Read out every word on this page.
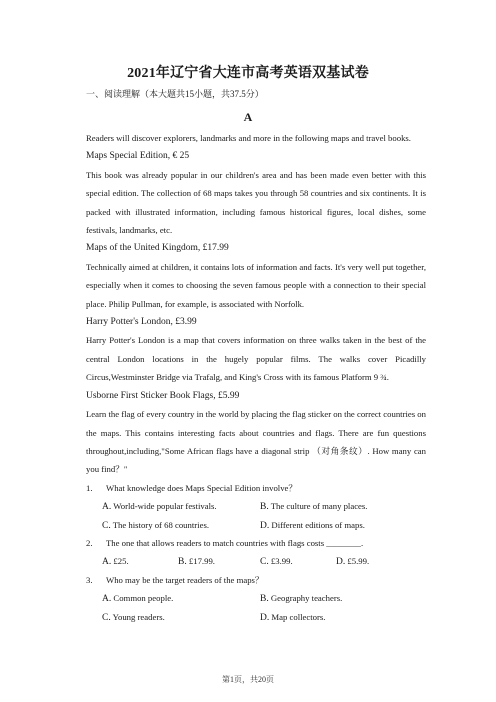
2021年辽宁省大连市高考英语双基试卷
一、阅读理解（本大题共15小题，共37.5分）
A
Readers will discover explorers, landmarks and more in the following maps and travel books.
Maps Special Edition, € 25
This book was already popular in our children's area and has been made even better with this special edition. The collection of 68 maps takes you through 58 countries and six continents. It is packed with illustrated information, including famous historical figures, local dishes, some festivals, landmarks, etc.
Maps of the United Kingdom, £17.99
Technically aimed at children, it contains lots of information and facts. It's very well put together, especially when it comes to choosing the seven famous people with a connection to their special place. Philip Pullman, for example, is associated with Norfolk.
Harry Potter's London, £3.99
Harry Potter's London is a map that covers information on three walks taken in the best of the central London locations in the hugely popular films. The walks cover Picadilly Circus,Westminster Bridge via Trafalg, and King's Cross with its famous Platform 9 ¾.
Usborne First Sticker Book Flags, £5.99
Learn the flag of every country in the world by placing the flag sticker on the correct countries on the maps. This contains interesting facts about countries and flags. There are fun questions throughout,including,"Some African flags have a diagonal strip （对角条纹）. How many can you find？"
1. What knowledge does Maps Special Edition involve？
A. World-wide popular festivals.	B. The culture of many places.
C. The history of 68 countries.	D. Different editions of maps.
2. The one that allows readers to match countries with flags costs ________.
A. £25.	B. £17.99.	C. £3.99.	D. £5.99.
3. Who may be the target readers of the maps？
A. Common people.	B. Geography teachers.
C. Young readers.	D. Map collectors.
第1页，共20页
